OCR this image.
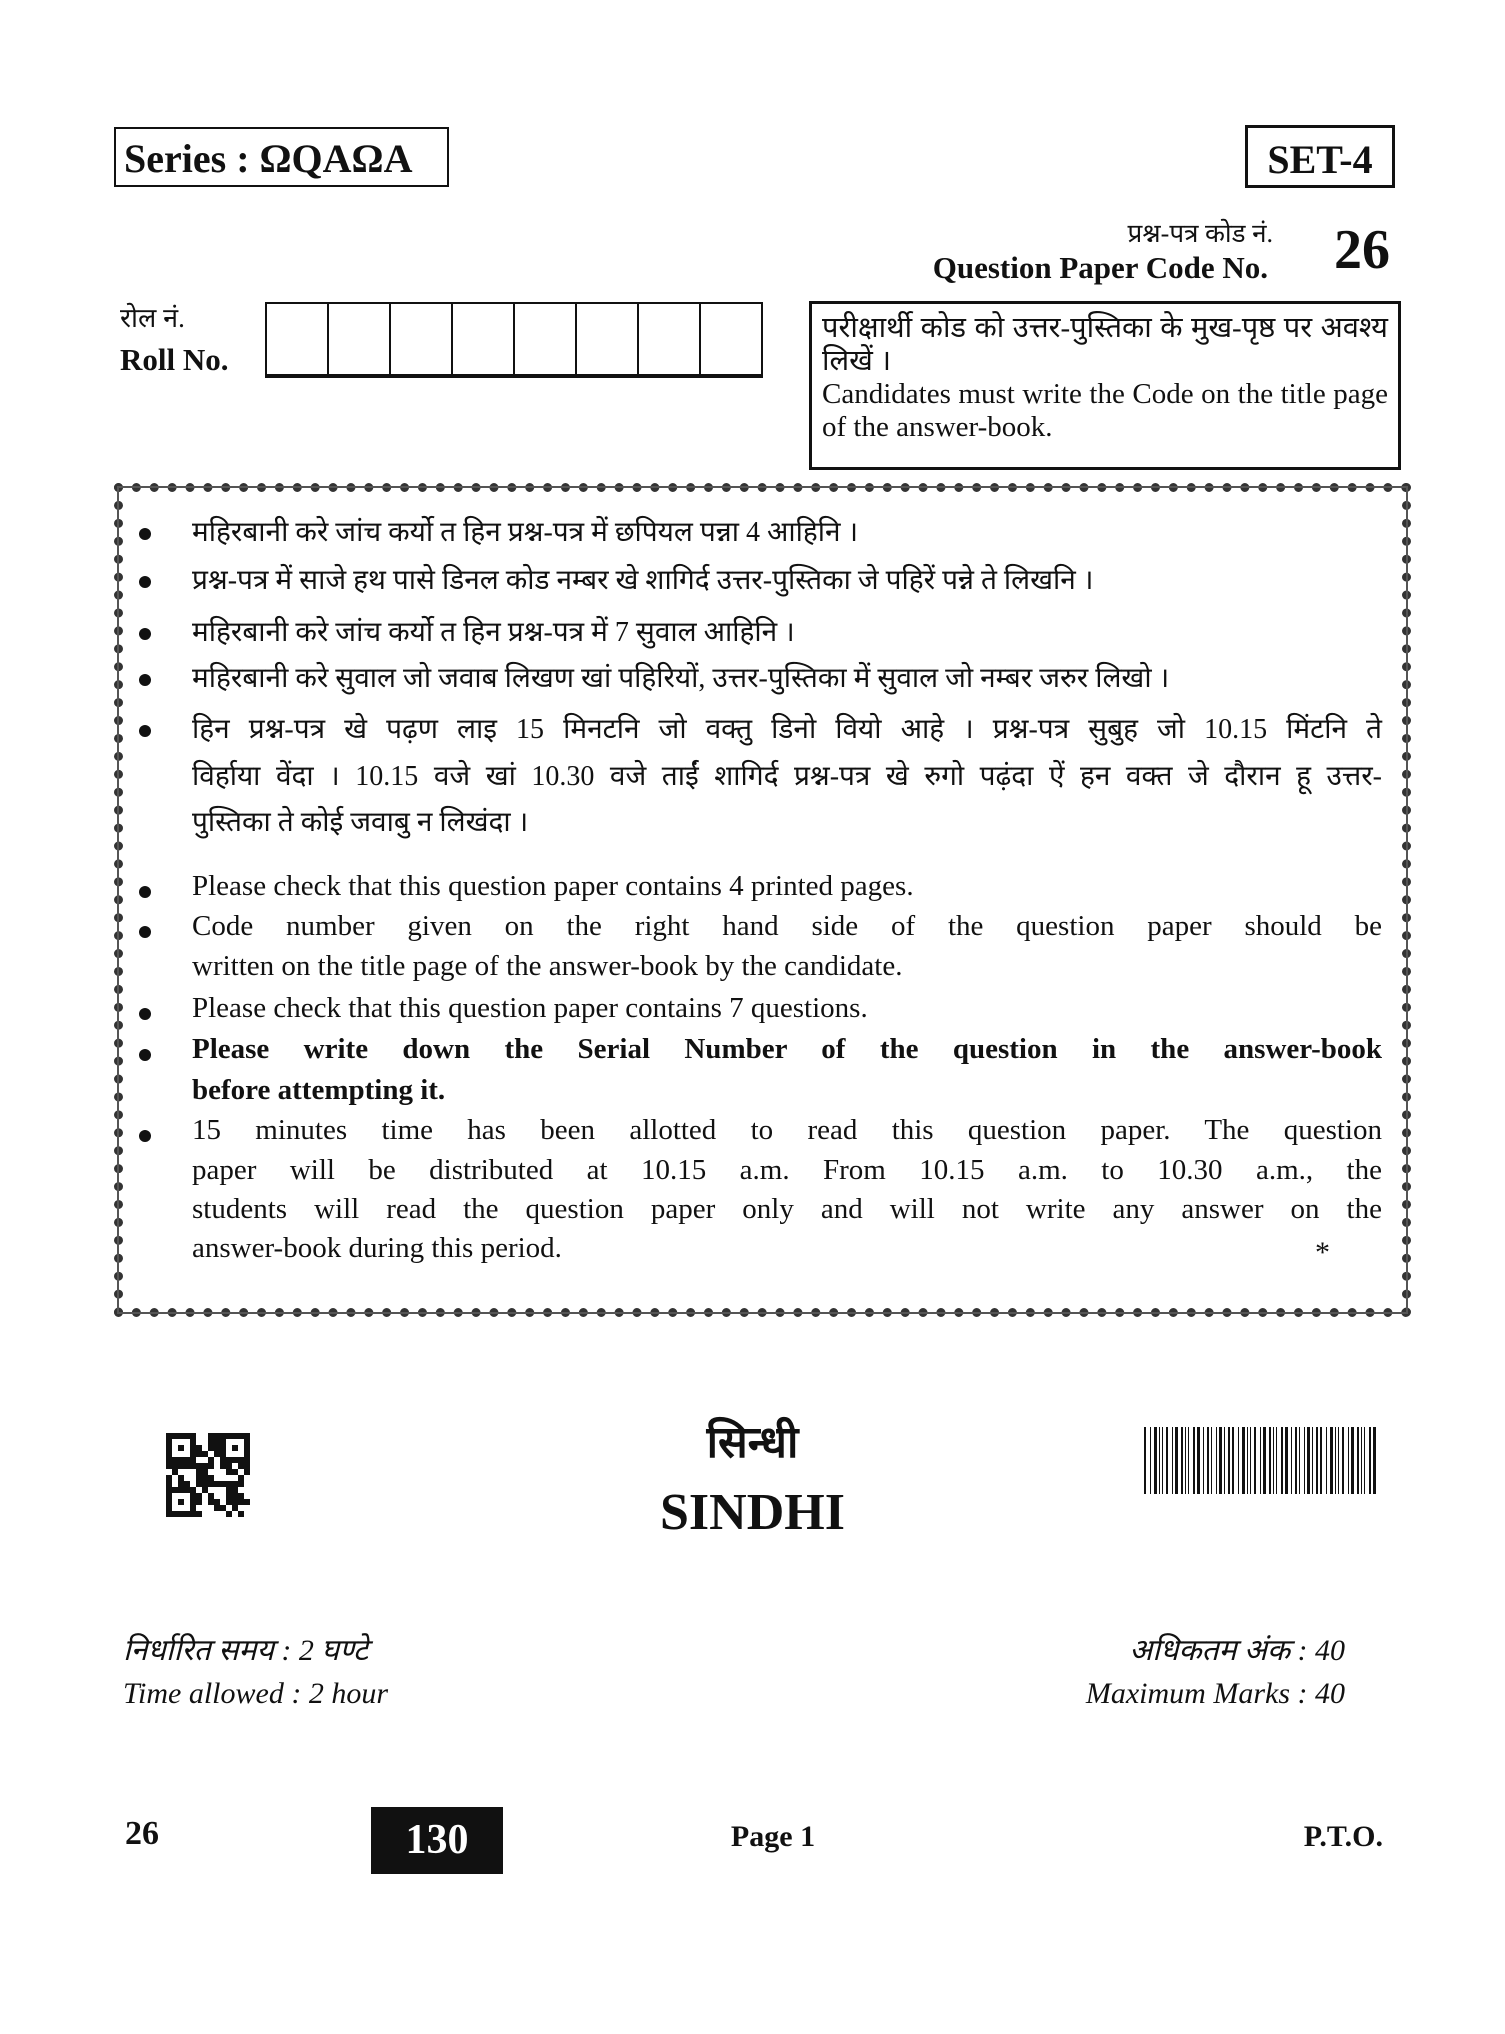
Series : ΩQAΩA	SET-4
प्रश्न-पत्र कोड नं.
Question Paper Code No. 26
रोल नं.
Roll No.
परीक्षार्थी कोड को उत्तर-पुस्तिका के मुख-पृष्ठ पर अवश्य लिखें ।
Candidates must write the Code on the title page of the answer-book.
महिरबानी करे जांच कर्यो त हिन प्रश्न-पत्र में छपियल पन्ना 4 आहिनि ।
प्रश्न-पत्र में साजे हथ पासे डिनल कोड नम्बर खे शागिर्द उत्तर-पुस्तिका जे पहिरें पन्ने ते लिखनि ।
महिरबानी करे जांच कर्यो त हिन प्रश्न-पत्र में 7 सुवाल आहिनि ।
महिरबानी करे सुवाल जो जवाब लिखण खां पहिरियों, उत्तर-पुस्तिका में सुवाल जो नम्बर जरुर लिखो ।
हिन प्रश्न-पत्र खे पढ़ण लाइ 15 मिनटनि जो वक्तु डिनो वियो आहे । प्रश्न-पत्र सुबुह जो 10.15 मिंटनि ते
विर्हाया वेंदा । 10.15 वजे खां 10.30 वजे ताईं शागिर्द प्रश्न-पत्र खे रुगो पढ़ंदा ऐं हन वक्त जे दौरान हू उत्तर-
पुस्तिका ते कोई जवाबु न लिखंदा ।
Please check that this question paper contains 4 printed pages.
Code number given on the right hand side of the question paper should be
written on the title page of the answer-book by the candidate.
Please check that this question paper contains 7 questions.
Please write down the Serial Number of the question in the answer-book
before attempting it.
15 minutes time has been allotted to read this question paper. The question
paper will be distributed at 10.15 a.m. From 10.15 a.m. to 10.30 a.m., the
students will read the question paper only and will not write any answer on the
answer-book during this period.	*
सिन्धी
SINDHI
निर्धारित समय : 2 घण्टे
Time allowed : 2 hour
अधिकतम अंक : 40
Maximum Marks : 40
26	130	Page 1	P.T.O.
